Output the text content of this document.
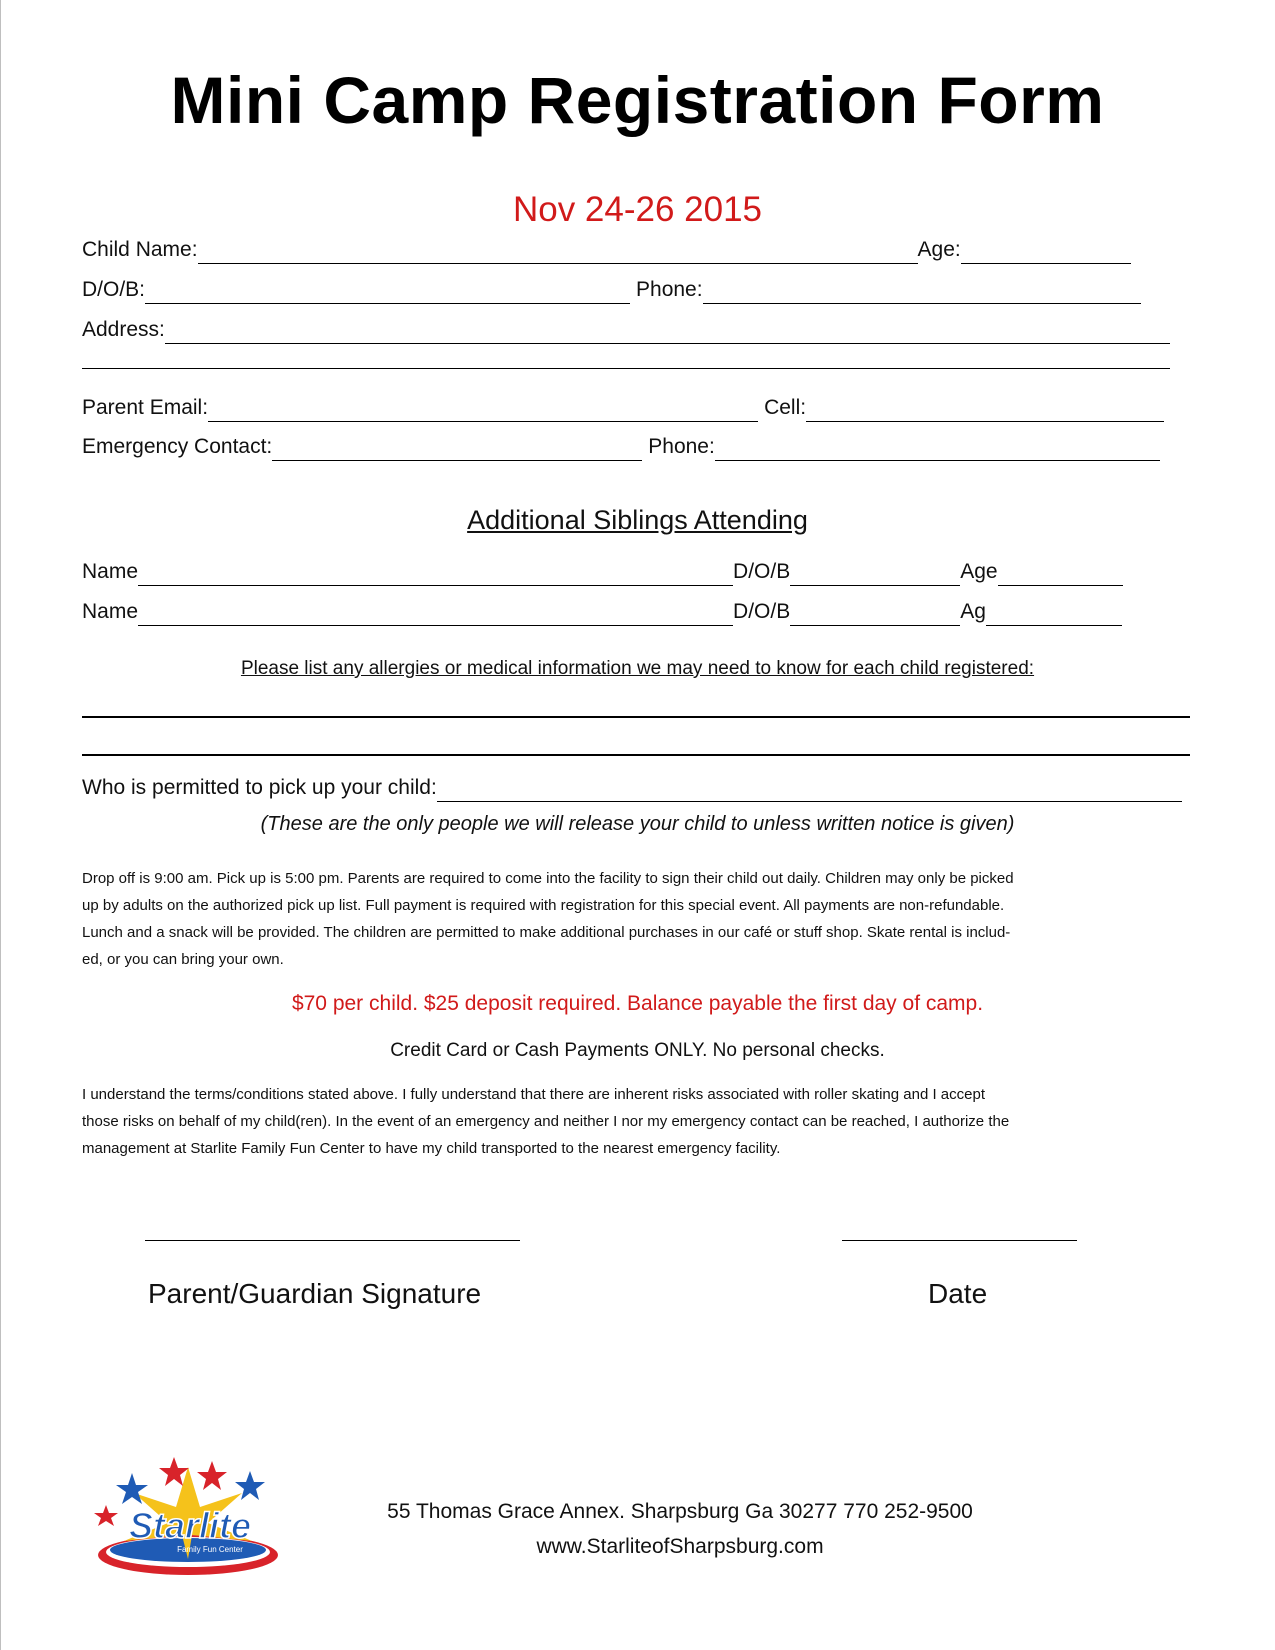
Mini Camp Registration Form
Nov 24-26 2015
Child Name:	Age:
D/O/B:	Phone:
Address:
Parent Email:	Cell:
Emergency Contact:	Phone:
Additional Siblings Attending
Name	D/O/B	Age
Name	D/O/B	Ag
Please list any allergies or medical information we may need to know for each child registered:
Who is permitted to pick up your child:
(These are the only people we will release your child to unless written notice is given)
Drop off is 9:00 am. Pick up is 5:00 pm. Parents are required to come into the facility to sign their child out daily. Children may only be picked
up by adults on the authorized pick up list. Full payment is required with registration for this special event. All payments are non-refundable.
Lunch and a snack will be provided. The children are permitted to make additional purchases in our café or stuff shop. Skate rental is includ-
ed, or you can bring your own.
$70 per child. $25 deposit required. Balance payable the first day of camp.
Credit Card or Cash Payments ONLY. No personal checks.
I understand the terms/conditions stated above. I fully understand that there are inherent risks associated with roller skating and I accept
those risks on behalf of my child(ren). In the event of an emergency and neither I nor my emergency contact can be reached, I authorize the
management at Starlite Family Fun Center to have my child transported to the nearest emergency facility.
Parent/Guardian Signature	Date
Starlite
Family Fun Center
55 Thomas Grace Annex. Sharpsburg Ga 30277 770 252-9500
www.StarliteofSharpsburg.com
